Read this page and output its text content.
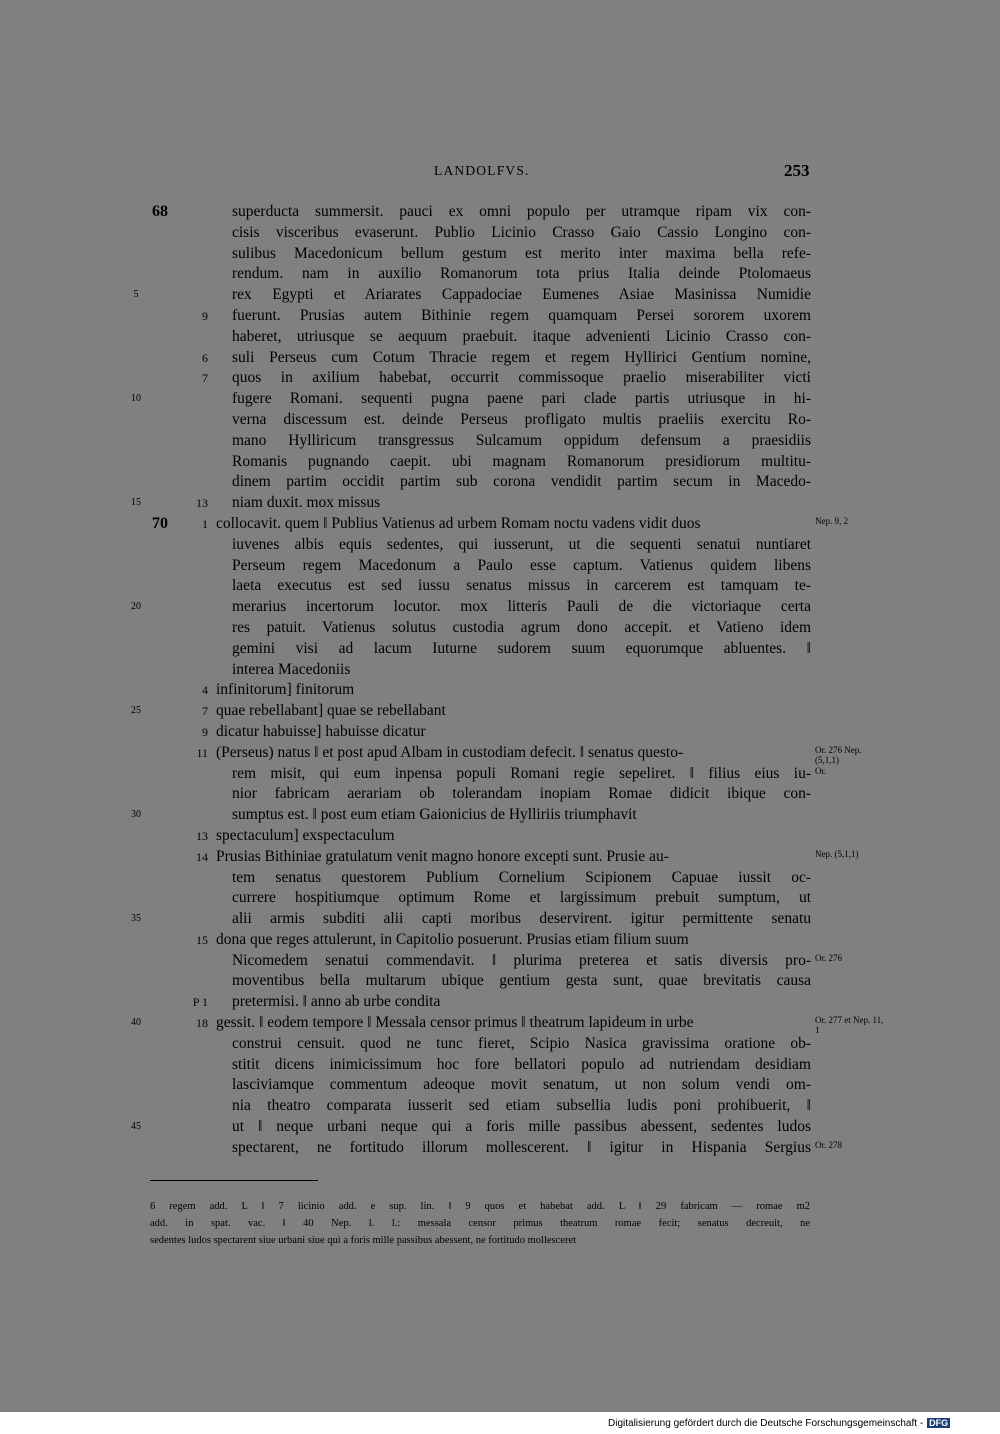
LANDOLFVS.	253
68	superducta summersit. pauci ex omni populo per utramque ripam vix con-
cisis visceribus evaserunt. Publio Licinio Crasso Gaio Cassio Longino con-
sulibus Macedonicum bellum gestum est merito inter maxima bella refe-
rendum. nam in auxilio Romanorum tota prius Italia deinde Ptolomaeus
5	rex Egypti et Ariarates Cappadociae Eumenes Asiae Masinissa Numidie
9 fuerunt. Prusias autem Bithinie regem quamquam Persei sororem uxorem
haberet, utriusque se aequum praebuit. itaque advenienti Licinio Crasso con-
6 suli Perseus cum Cotum Thracie regem et regem Hyllirici Gentium nomine,
7 quos in axilium habebat, occurrit commissoque praelio miserabiliter victi
10	fugere Romani. sequenti pugna paene pari clade partis utriusque in hi-
verna discessum est. deinde Perseus profligato multis praeliis exercitu Ro-
mano Hylliricum transgressus Sulcamum oppidum defensum a praesidiis
Romanis pugnando caepit. ubi magnam Romanorum presidiorum multitu-
dinem partim occidit partim sub corona vendidit partim secum in Macedo-
15	13 niam duxit. mox missus
70	1 collocavit. quem ‖ Publius Vatienus ad urbem Romam noctu vadens vidit duos	Nep. 9, 2
iuvenes albis equis sedentes, qui iusserunt, ut die sequenti senatui nuntiaret
Perseum regem Macedonum a Paulo esse captum. Vatienus quidem libens
laeta executus est sed iussu senatus missus in carcerem est tamquam te-
20	merarius incertorum locutor. mox litteris Pauli de die victoriaque certa
res patuit. Vatienus solutus custodia agrum dono accepit. et Vatieno idem
gemini visi ad lacum Iuturne sudorem suum equorumque abluentes. ‖
interea Macedoniis
4 infinitorum] finitorum
25	7 quae rebellabant] quae se rebellabant
9 dicatur habuisse] habuisse dicatur
11 (Perseus) natus ‖ et post apud Albam in custodiam defecit. ‖ senatus questo-	Or. 276 Nep. (5,1,1)
rem misit, qui eum inpensa populi Romani regie sepeliret. ‖ filius eius iu- Or.
nior fabricam aerariam ob tolerandam inopiam Romae didicit ibique con-
30	sumptus est. ‖ post eum etiam Gaionicius de Hylliriis triumphavit
13 spectaculum] exspectaculum
14 Prusias Bithiniae gratulatum venit magno honore excepti sunt. Prusie au-	Nep. (5,1,1)
tem senatus questorem Publium Cornelium Scipionem Capuae iussit oc-
currere hospitiumque optimum Rome et largissimum prebuit sumptum, ut
35	alii armis subditi alii capti moribus deservirent. igitur permittente senatu
15 dona que reges attulerunt, in Capitolio posuerunt. Prusias etiam filium suum
Nicomedem senatui commendavit. ‖ plurima preterea et satis diversis pro- Or. 276
moventibus bella multarum ubique gentium gesta sunt, quae brevitatis causa
P 1 pretermisi. ‖ anno ab urbe condita
40	18 gessit. ‖ eodem tempore ‖ Messala censor primus ‖ theatrum lapideum in urbe	Or. 277 et Nep. 11, 1
construi censuit. quod ne tunc fieret, Scipio Nasica gravissima oratione ob-
stitit dicens inimicissimum hoc fore bellatori populo ad nutriendam desidiam
lasciviamque commentum adeoque movit senatum, ut non solum vendi om-
nia theatro comparata iusserit sed etiam subsellia ludis poni prohibuerit, ‖
45	ut ‖ neque urbani neque qui a foris mille passibus abessent, sedentes ludos
spectarent, ne fortitudo illorum mollescerent. ‖ igitur in Hispania Sergius Or. 278
6 regem add. L ‖ 7 licinio add. e sup. lin. ‖ 9 quos et habebat add. L ‖ 29 fabricam — romae m2
add. in spat. vac. ‖ 40 Nep. l. l.: messala censor primus theatrum romae fecit; senatus decreuit, ne
sedentes ludos spectarent siue urbani siue qui a foris mille passibus abessent, ne fortitudo mollesceret
Digitalisierung gefördert durch die Deutsche Forschungsgemeinschaft - DFG
